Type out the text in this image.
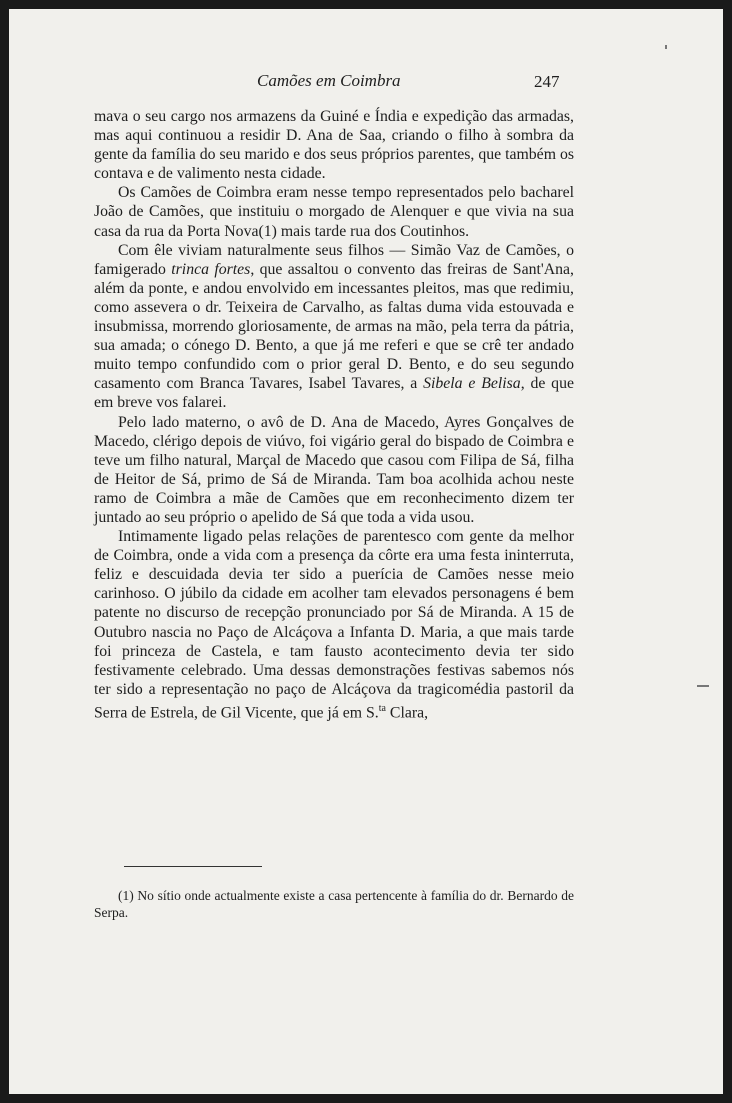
Camões em Coimbra	247

mava o seu cargo nos armazens da Guiné e Índia e expedição das armadas, mas aqui continuou a residir D. Ana de Saa, criando o filho à sombra da gente da família do seu marido e dos seus próprios parentes, que também os contava e de valimento nesta cidade.

Os Camões de Coimbra eram nesse tempo representados pelo bacharel João de Camões, que instituiu o morgado de Alenquer e que vivia na sua casa da rua da Porta Nova(1) mais tarde rua dos Coutinhos.

Com êle viviam naturalmente seus filhos — Simão Vaz de Camões, o famigerado trinca fortes, que assaltou o convento das freiras de Sant'Ana, além da ponte, e andou envolvido em incessantes pleitos, mas que redimiu, como assevera o dr. Teixeira de Carvalho, as faltas duma vida estouvada e insubmissa, morrendo gloriosamente, de armas na mão, pela terra da pátria, sua amada; o cónego D. Bento, a que já me referi e que se crê ter andado muito tempo confundido com o prior geral D. Bento, e do seu segundo casamento com Branca Tavares, Isabel Tavares, a Sibela e Belisa, de que em breve vos falarei.

Pelo lado materno, o avô de D. Ana de Macedo, Ayres Gonçalves de Macedo, clérigo depois de viúvo, foi vigário geral do bispado de Coimbra e teve um filho natural, Marçal de Macedo que casou com Filipa de Sá, filha de Heitor de Sá, primo de Sá de Miranda. Tam boa acolhida achou neste ramo de Coimbra a mãe de Camões que em reconhecimento dizem ter juntado ao seu próprio o apelido de Sá que toda a vida usou.

Intimamente ligado pelas relações de parentesco com gente da melhor de Coimbra, onde a vida com a presença da côrte era uma festa ininterruta, feliz e descuidada devia ter sido a puerícia de Camões nesse meio carinhoso. O júbilo da cidade em acolher tam elevados personagens é bem patente no discurso de recepção pronunciado por Sá de Miranda. A 15 de Outubro nascia no Paço de Alcáçova a Infanta D. Maria, a que mais tarde foi princeza de Castela, e tam fausto acontecimento devia ter sido festivamente celebrado. Uma dessas demonstrações festivas sabemos nós ter sido a representação no paço de Alcáçova da tragicomédia pastoril da Serra de Estrela, de Gil Vicente, que já em S.$^{ta}$ Clara,

(1) No sítio onde actualmente existe a casa pertencente à família do dr. Bernardo de Serpa.
